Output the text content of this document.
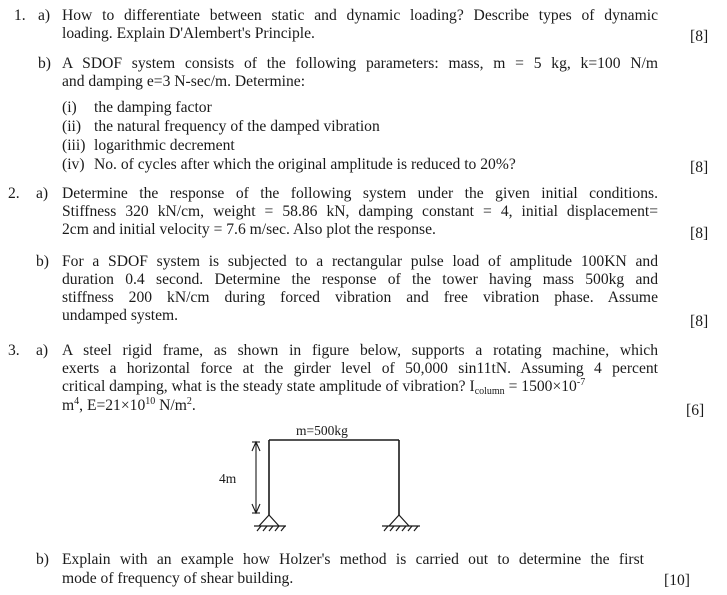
1. a) How to differentiate between static and dynamic loading? Describe types of dynamic
loading. Explain D'Alembert's Principle.	[8]
b) A SDOF system consists of the following parameters: mass, m = 5 kg, k=100 N/m
and damping e=3 N-sec/m. Determine:
(i) the damping factor
(ii) the natural frequency of the damped vibration
(iii) logarithmic decrement
(iv) No. of cycles after which the original amplitude is reduced to 20%?	[8]
2. a) Determine the response of the following system under the given initial conditions.
Stiffness 320 kN/cm, weight = 58.86 kN, damping constant = 4, initial displacement=
2cm and initial velocity = 7.6 m/sec. Also plot the response.	[8]
b) For a SDOF system is subjected to a rectangular pulse load of amplitude 100KN and
duration 0.4 second. Determine the response of the tower having mass 500kg and
stiffness 200 kN/cm during forced vibration and free vibration phase. Assume
undamped system.	[8]
3. a) A steel rigid frame, as shown in figure below, supports a rotating machine, which
exerts a horizontal force at the girder level of 50,000 sin11tN. Assuming 4 percent
critical damping, what is the steady state amplitude of vibration? $I_{column} = 1500\times 10^{-7}$
$m^4$, $E=21\times 10^{10}$ $N/m^2$.	[6]
m=500kg
4m
b) Explain with an example how Holzer's method is carried out to determine the first
mode of frequency of shear building.	[10]
